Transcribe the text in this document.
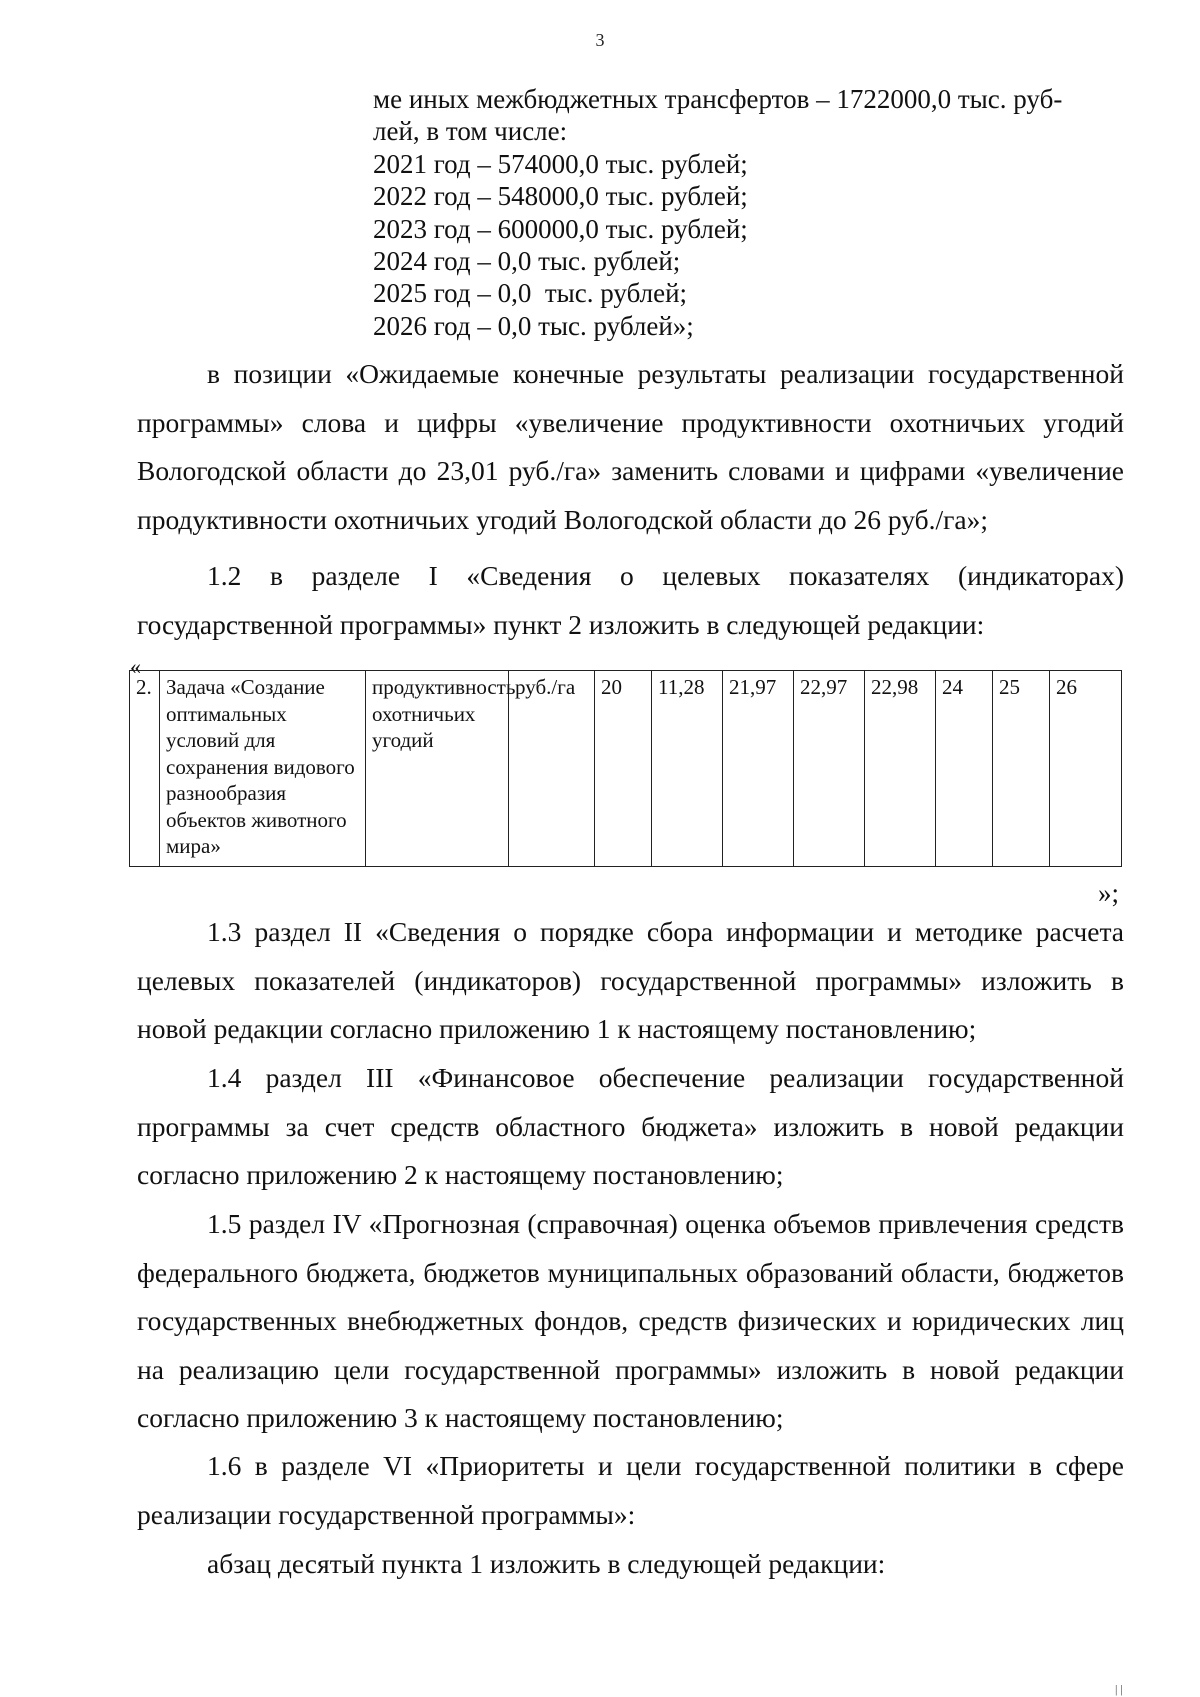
3
ме иных межбюджетных трансфертов – 1722000,0 тыс. руб-
лей, в том числе:
2021 год – 574000,0 тыс. рублей;
2022 год – 548000,0 тыс. рублей;
2023 год – 600000,0 тыс. рублей;
2024 год – 0,0 тыс. рублей;
2025 год – 0,0  тыс. рублей;
2026 год – 0,0 тыс. рублей»;
в позиции «Ожидаемые конечные результаты реализации государственной программы» слова и цифры «увеличение продуктивности охотничьих угодий Вологодской области до 23,01 руб./га» заменить словами и цифрами «увеличение продуктивности охотничьих угодий Вологодской области до 26 руб./га»;
1.2 в разделе I «Сведения о целевых показателях (индикаторах) государственной программы» пункт 2 изложить в следующей редакции:
«
2.	Задача «Создание оптимальных условий для сохранения видового разнообразия объектов животного мира»	продуктивность охотничьих угодий	руб./га	20	11,28	21,97	22,97	22,98	24	25	26
»;
1.3 раздел II «Сведения о порядке сбора информации и методике расчета целевых показателей (индикаторов) государственной программы» изложить в новой редакции согласно приложению 1 к настоящему постановлению;
1.4 раздел III «Финансовое обеспечение реализации государственной программы за счет средств областного бюджета» изложить в новой редакции согласно приложению 2 к настоящему постановлению;
1.5 раздел IV «Прогнозная (справочная) оценка объемов привлечения средств федерального бюджета, бюджетов муниципальных образований области, бюджетов государственных внебюджетных фондов, средств физических и юридических лиц на реализацию цели государственной программы» изложить в новой редакции согласно приложению 3 к настоящему постановлению;
1.6 в разделе VI «Приоритеты и цели государственной политики в сфере реализации государственной программы»:
абзац десятый пункта 1 изложить в следующей редакции:
| |
